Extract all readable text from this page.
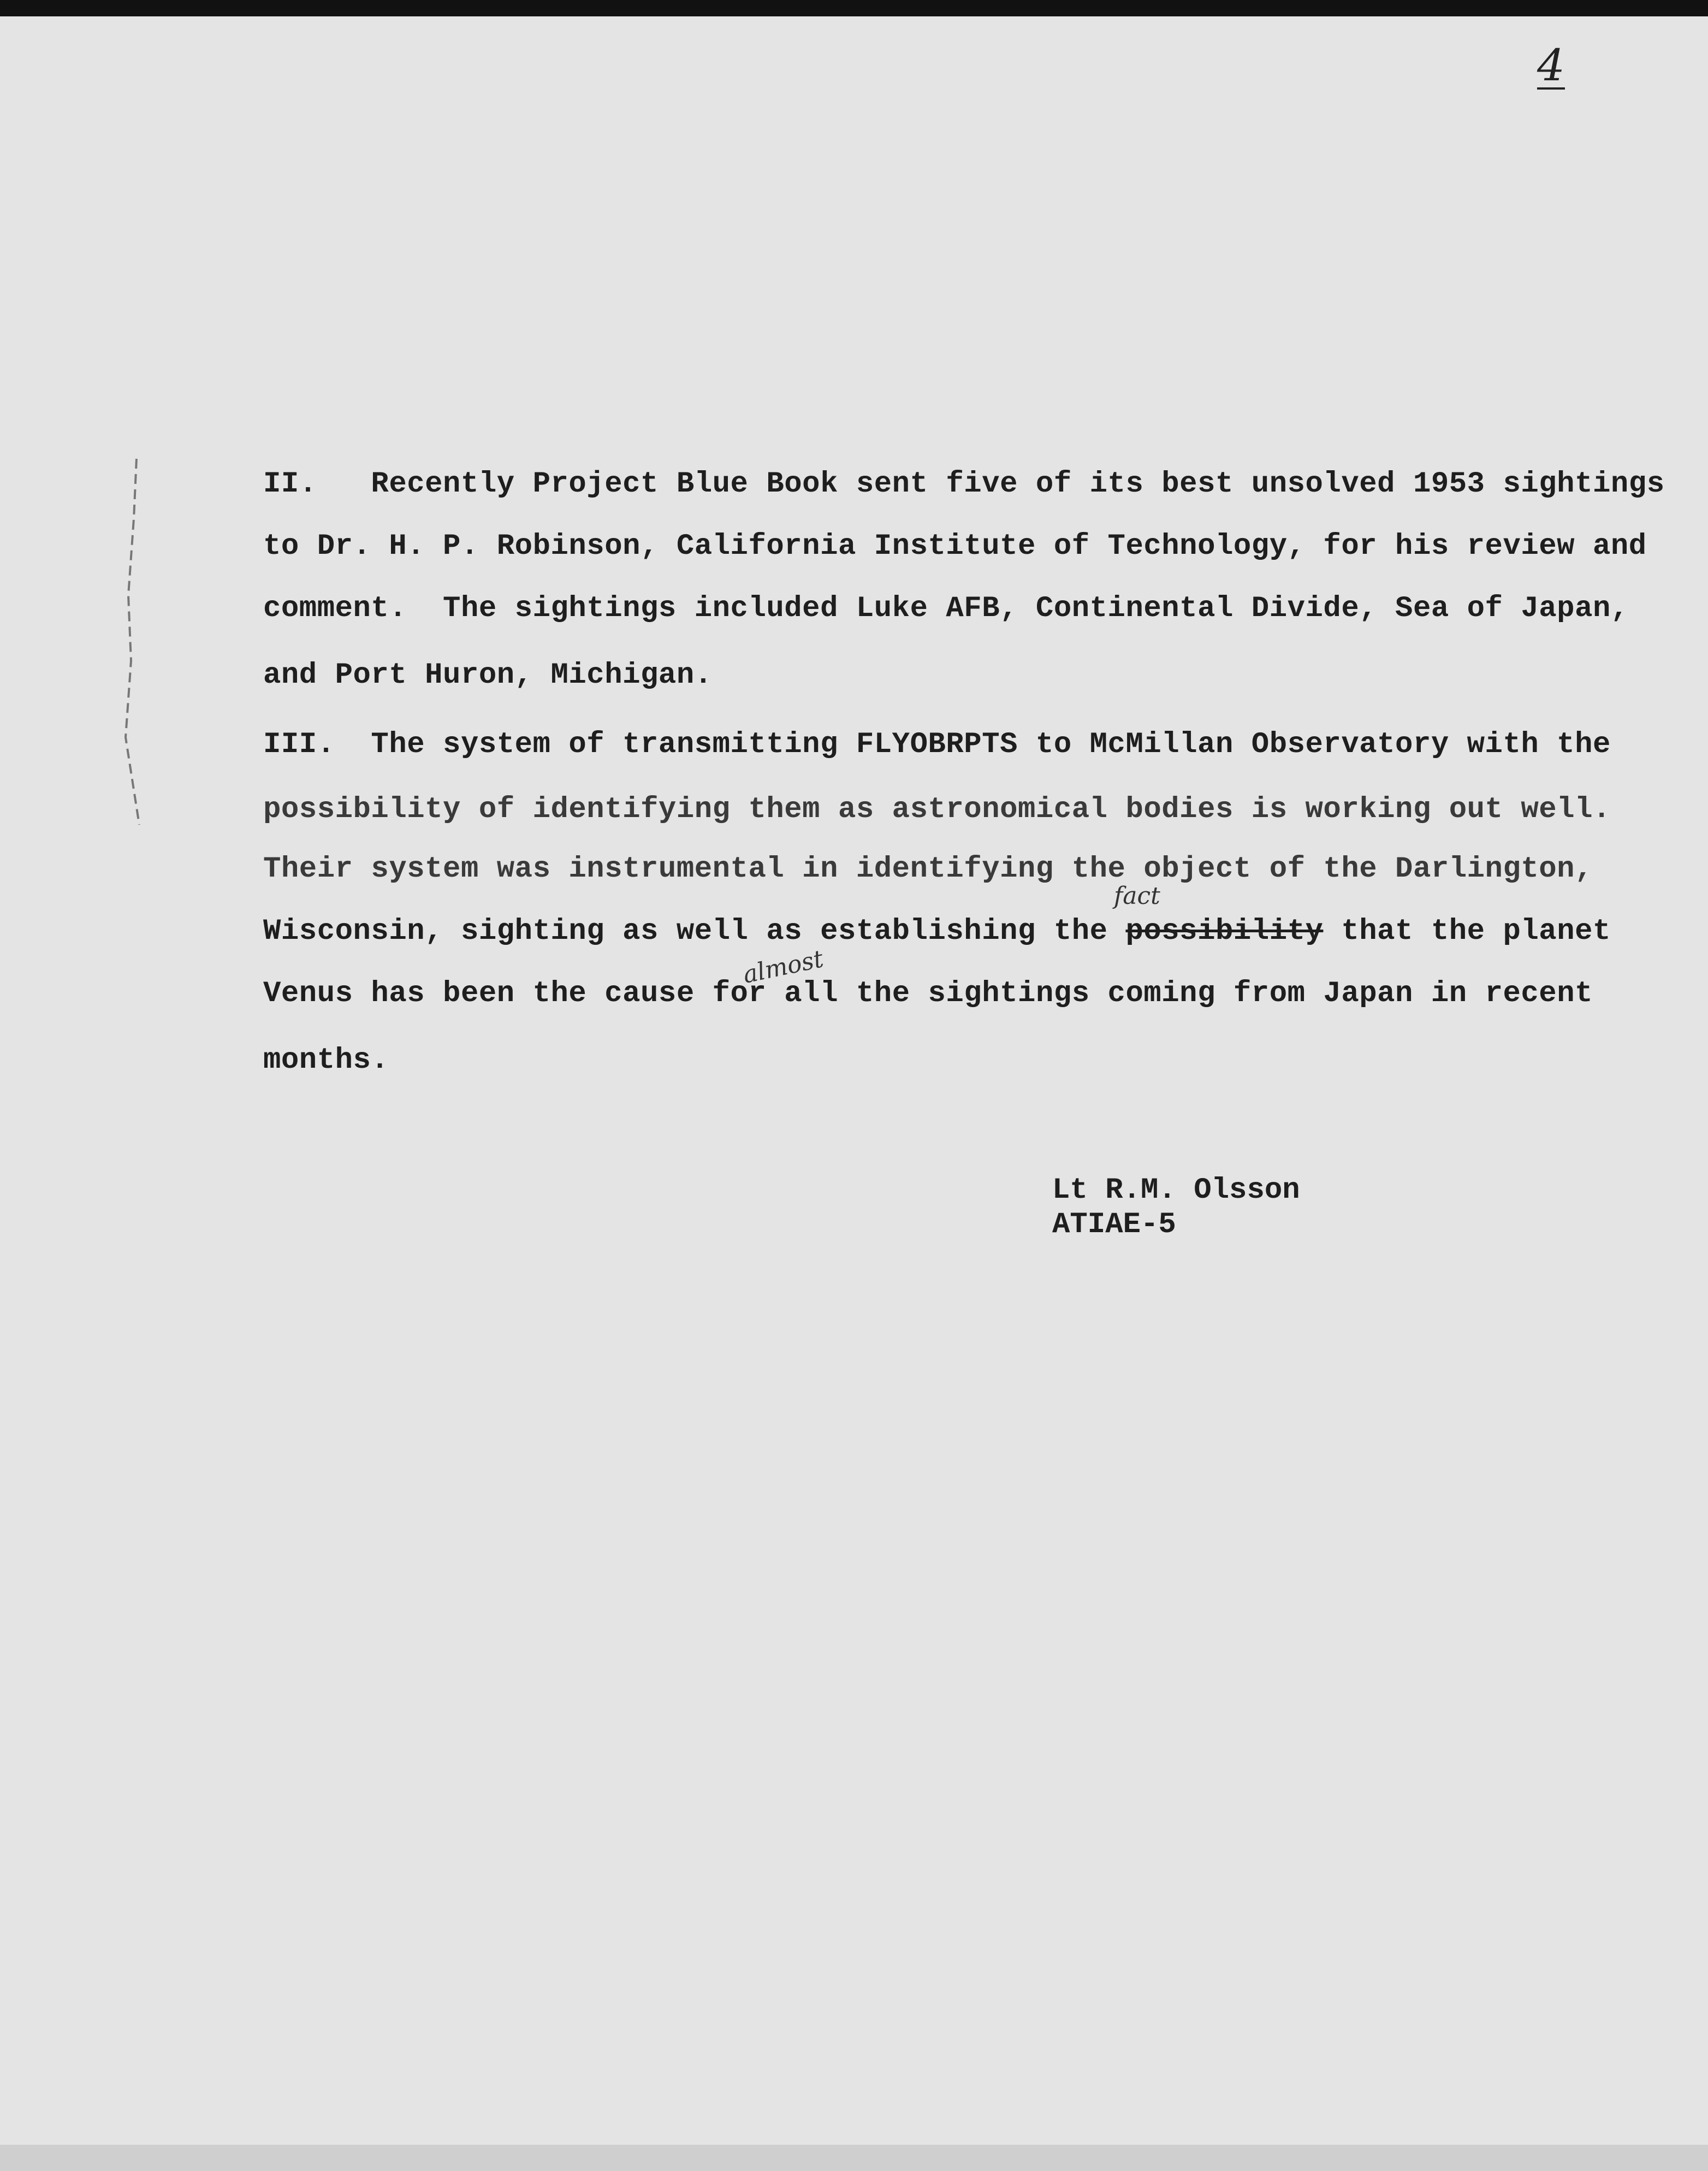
4
II.   Recently Project Blue Book sent five of its best unsolved 1953 sightings
to Dr. H. P. Robinson, California Institute of Technology, for his review and
comment.  The sightings included Luke AFB, Continental Divide, Sea of Japan,
and Port Huron, Michigan.
III.  The system of transmitting FLYOBRPTS to McMillan Observatory with the
possibility of identifying them as astronomical bodies is working out well.
Their system was instrumental in identifying the object of the Darlington,
Wisconsin, sighting as well as establishing the possibility that the planet
Venus has been the cause for all the sightings coming from Japan in recent
months.
fact
almost
Lt R.M. Olsson
ATIAE-5
